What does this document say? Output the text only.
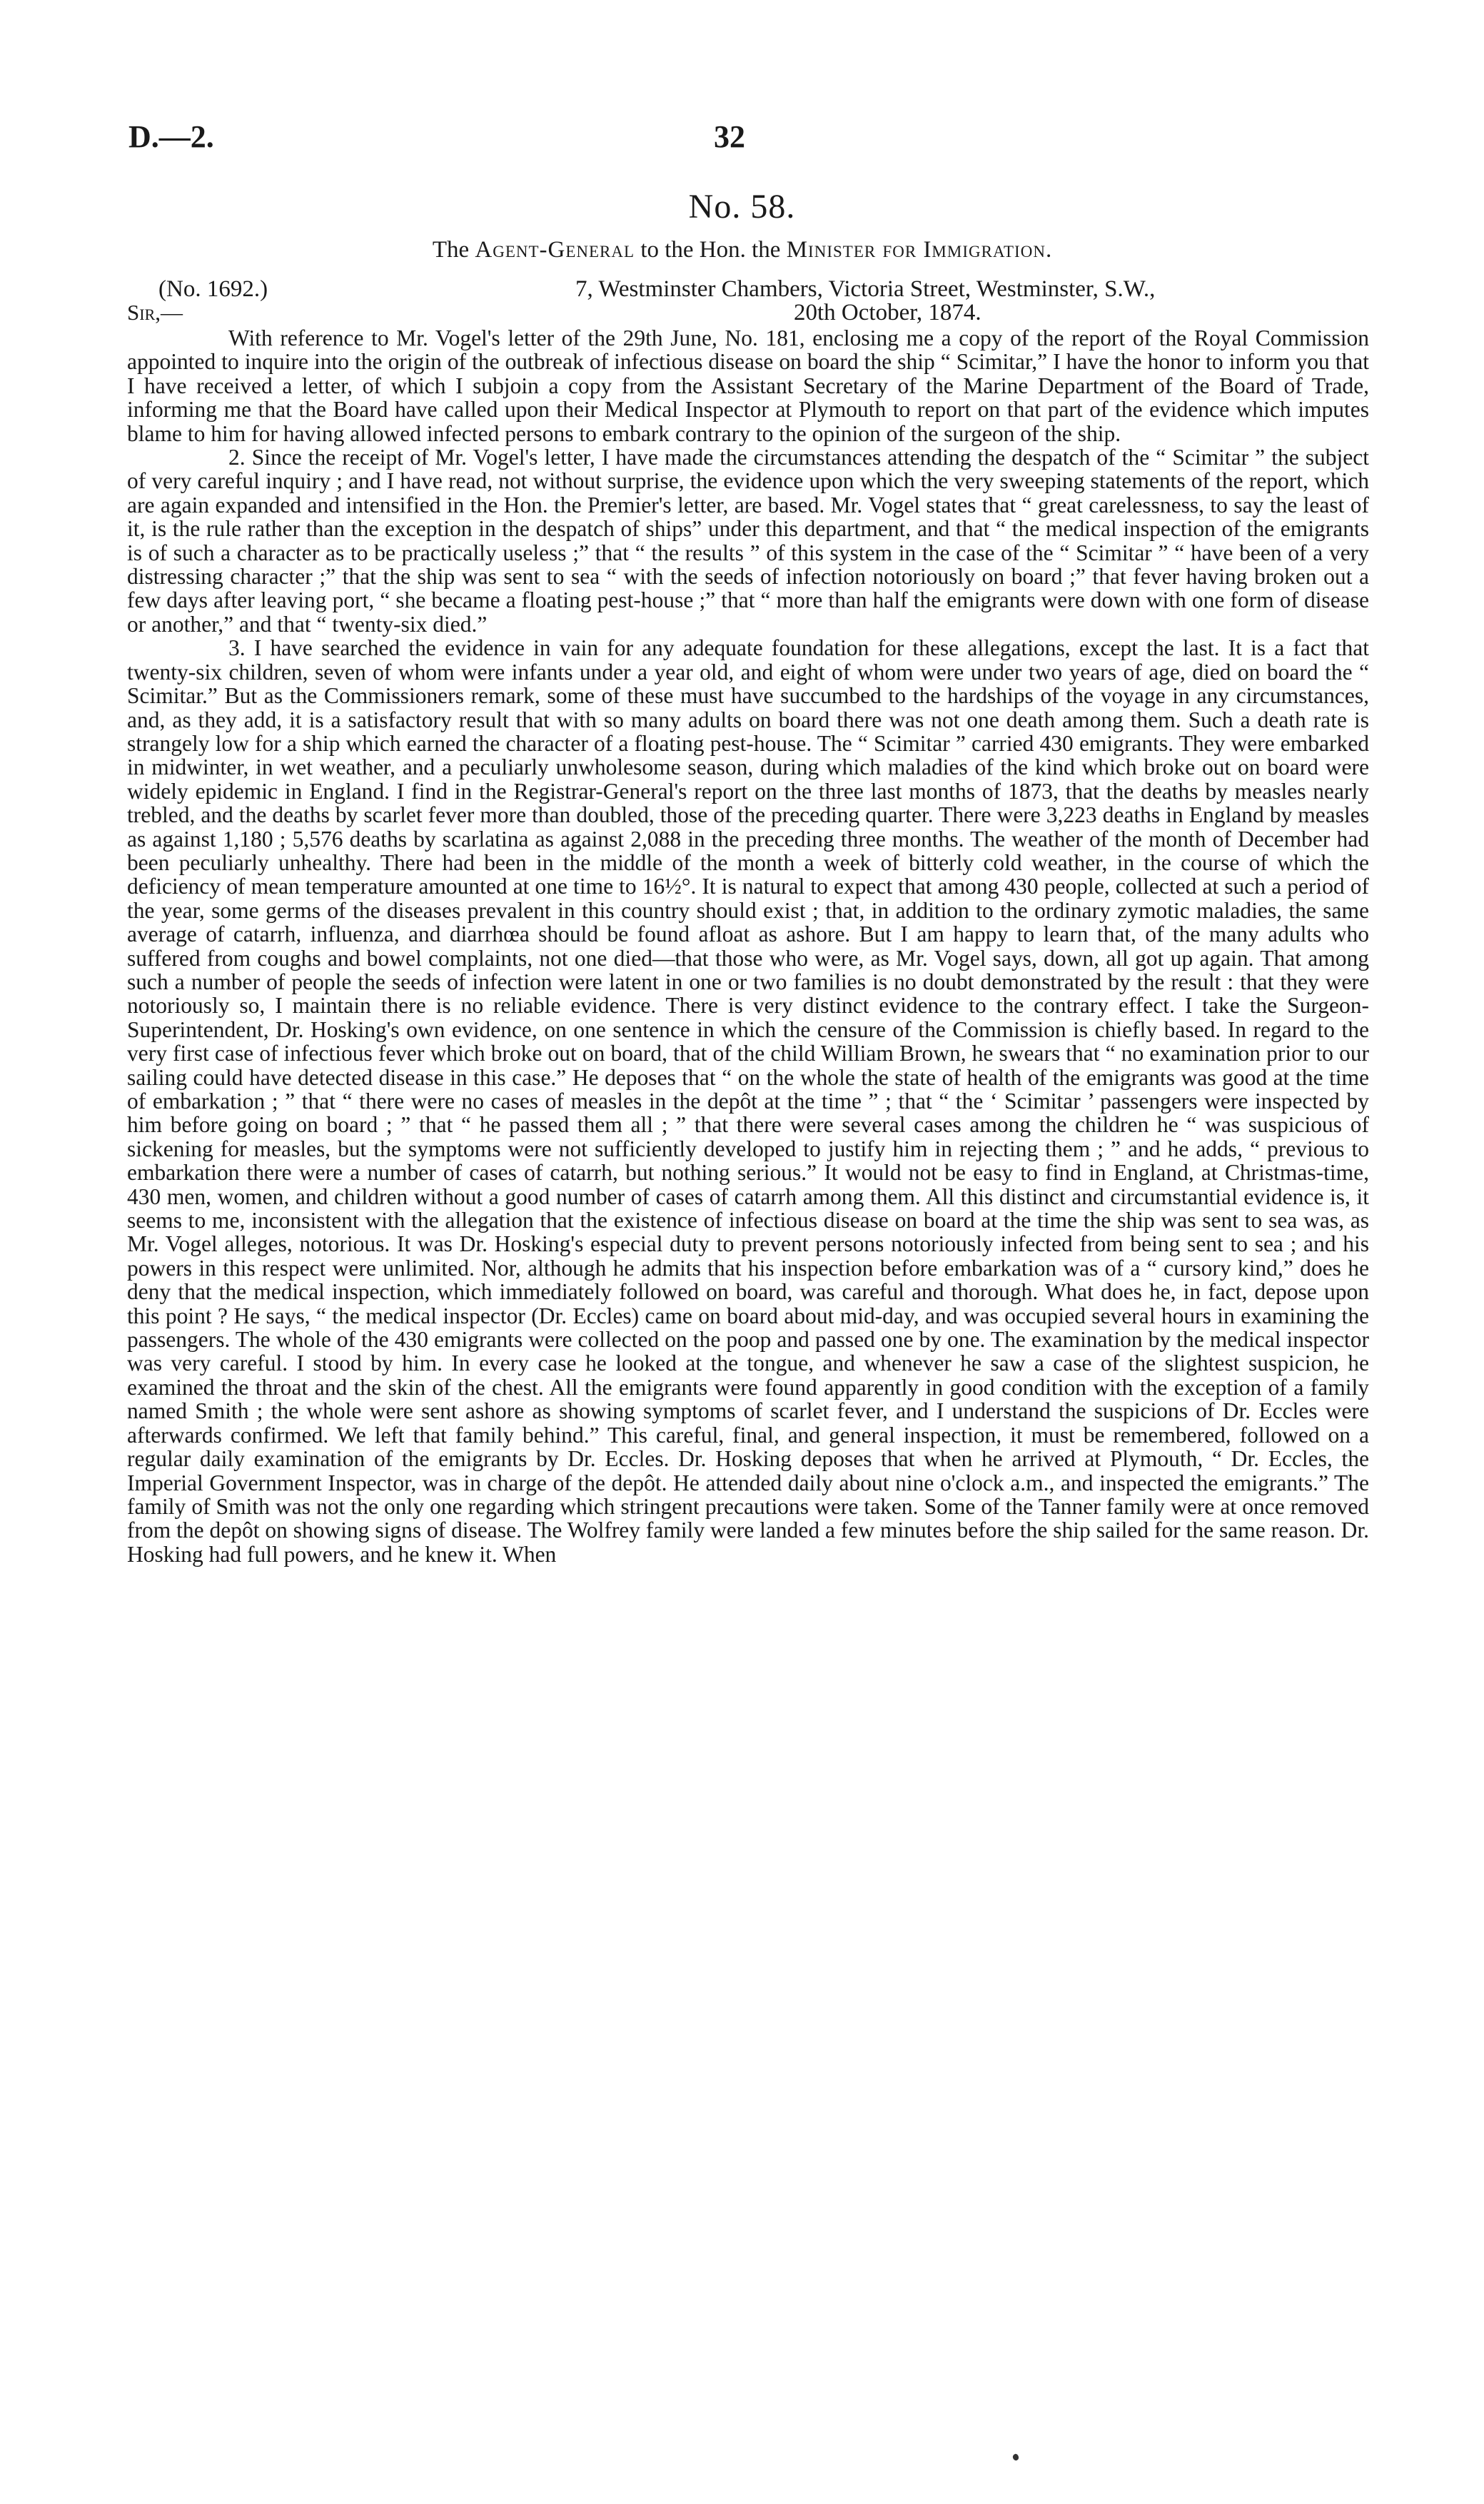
D.—2.	32
No. 58.
The Agent-General to the Hon. the Minister for Immigration.
(No. 1692.)	7, Westminster Chambers, Victoria Street, Westminster, S.W.,
Sir,—	20th October, 1874.

With reference to Mr. Vogel's letter of the 29th June, No. 181, enclosing me a copy of the report of the Royal Commission appointed to inquire into the origin of the outbreak of infectious disease on board the ship “ Scimitar,” I have the honor to inform you that I have received a letter, of which I subjoin a copy from the Assistant Secretary of the Marine Department of the Board of Trade, informing me that the Board have called upon their Medical Inspector at Plymouth to report on that part of the evidence which imputes blame to him for having allowed infected persons to embark contrary to the opinion of the surgeon of the ship.

2. Since the receipt of Mr. Vogel's letter, I have made the circumstances attending the despatch of the “ Scimitar ” the subject of very careful inquiry ; and I have read, not without surprise, the evidence upon which the very sweeping statements of the report, which are again expanded and intensified in the Hon. the Premier's letter, are based. Mr. Vogel states that “ great carelessness, to say the least of it, is the rule rather than the exception in the despatch of ships” under this department, and that “ the medical inspection of the emigrants is of such a character as to be practically useless ;” that “ the results ” of this system in the case of the “ Scimitar ” “ have been of a very distressing character ;” that the ship was sent to sea “ with the seeds of infection notoriously on board ;” that fever having broken out a few days after leaving port, “ she became a floating pest-house ;” that “ more than half the emigrants were down with one form of disease or another,” and that “ twenty-six died.”

3. I have searched the evidence in vain for any adequate foundation for these allegations, except the last. It is a fact that twenty-six children, seven of whom were infants under a year old, and eight of whom were under two years of age, died on board the “ Scimitar.” But as the Commissioners remark, some of these must have succumbed to the hardships of the voyage in any circumstances, and, as they add, it is a satisfactory result that with so many adults on board there was not one death among them. Such a death rate is strangely low for a ship which earned the character of a floating pest-house. The “ Scimitar ” carried 430 emigrants. They were embarked in midwinter, in wet weather, and a peculiarly unwholesome season, during which maladies of the kind which broke out on board were widely epidemic in England. I find in the Registrar-General's report on the three last months of 1873, that the deaths by measles nearly trebled, and the deaths by scarlet fever more than doubled, those of the preceding quarter. There were 3,223 deaths in England by measles as against 1,180 ; 5,576 deaths by scarlatina as against 2,088 in the preceding three months. The weather of the month of December had been peculiarly unhealthy. There had been in the middle of the month a week of bitterly cold weather, in the course of which the deficiency of mean temperature amounted at one time to 16½°. It is natural to expect that among 430 people, collected at such a period of the year, some germs of the diseases prevalent in this country should exist ; that, in addition to the ordinary zymotic maladies, the same average of catarrh, influenza, and diarrhœa should be found afloat as ashore. But I am happy to learn that, of the many adults who suffered from coughs and bowel complaints, not one died—that those who were, as Mr. Vogel says, down, all got up again. That among such a number of people the seeds of infection were latent in one or two families is no doubt demonstrated by the result : that they were notoriously so, I maintain there is no reliable evidence. There is very distinct evidence to the contrary effect. I take the Surgeon-Superintendent, Dr. Hosking's own evidence, on one sentence in which the censure of the Commission is chiefly based. In regard to the very first case of infectious fever which broke out on board, that of the child William Brown, he swears that “ no examination prior to our sailing could have detected disease in this case.” He deposes that “ on the whole the state of health of the emigrants was good at the time of embarkation ; ” that “ there were no cases of measles in the depôt at the time ” ; that “ the ‘ Scimitar ’ passengers were inspected by him before going on board ; ” that “ he passed them all ; ” that there were several cases among the children he “ was suspicious of sickening for measles, but the symptoms were not sufficiently developed to justify him in rejecting them ; ” and he adds, “ previous to embarkation there were a number of cases of catarrh, but nothing serious.” It would not be easy to find in England, at Christmas-time, 430 men, women, and children without a good number of cases of catarrh among them. All this distinct and circumstantial evidence is, it seems to me, inconsistent with the allegation that the existence of infectious disease on board at the time the ship was sent to sea was, as Mr. Vogel alleges, notorious. It was Dr. Hosking's especial duty to prevent persons notoriously infected from being sent to sea ; and his powers in this respect were unlimited. Nor, although he admits that his inspection before embarkation was of a “ cursory kind,” does he deny that the medical inspection, which immediately followed on board, was careful and thorough. What does he, in fact, depose upon this point ? He says, “ the medical inspector (Dr. Eccles) came on board about mid-day, and was occupied several hours in examining the passengers. The whole of the 430 emigrants were collected on the poop and passed one by one. The examination by the medical inspector was very careful. I stood by him. In every case he looked at the tongue, and whenever he saw a case of the slightest suspicion, he examined the throat and the skin of the chest. All the emigrants were found apparently in good condition with the exception of a family named Smith ; the whole were sent ashore as showing symptoms of scarlet fever, and I understand the suspicions of Dr. Eccles were afterwards confirmed. We left that family behind.” This careful, final, and general inspection, it must be remembered, followed on a regular daily examination of the emigrants by Dr. Eccles. Dr. Hosking deposes that when he arrived at Plymouth, “ Dr. Eccles, the Imperial Government Inspector, was in charge of the depôt. He attended daily about nine o'clock a.m., and inspected the emigrants.” The family of Smith was not the only one regarding which stringent precautions were taken. Some of the Tanner family were at once removed from the depôt on showing signs of disease. The Wolfrey family were landed a few minutes before the ship sailed for the same reason. Dr. Hosking had full powers, and he knew it. When
